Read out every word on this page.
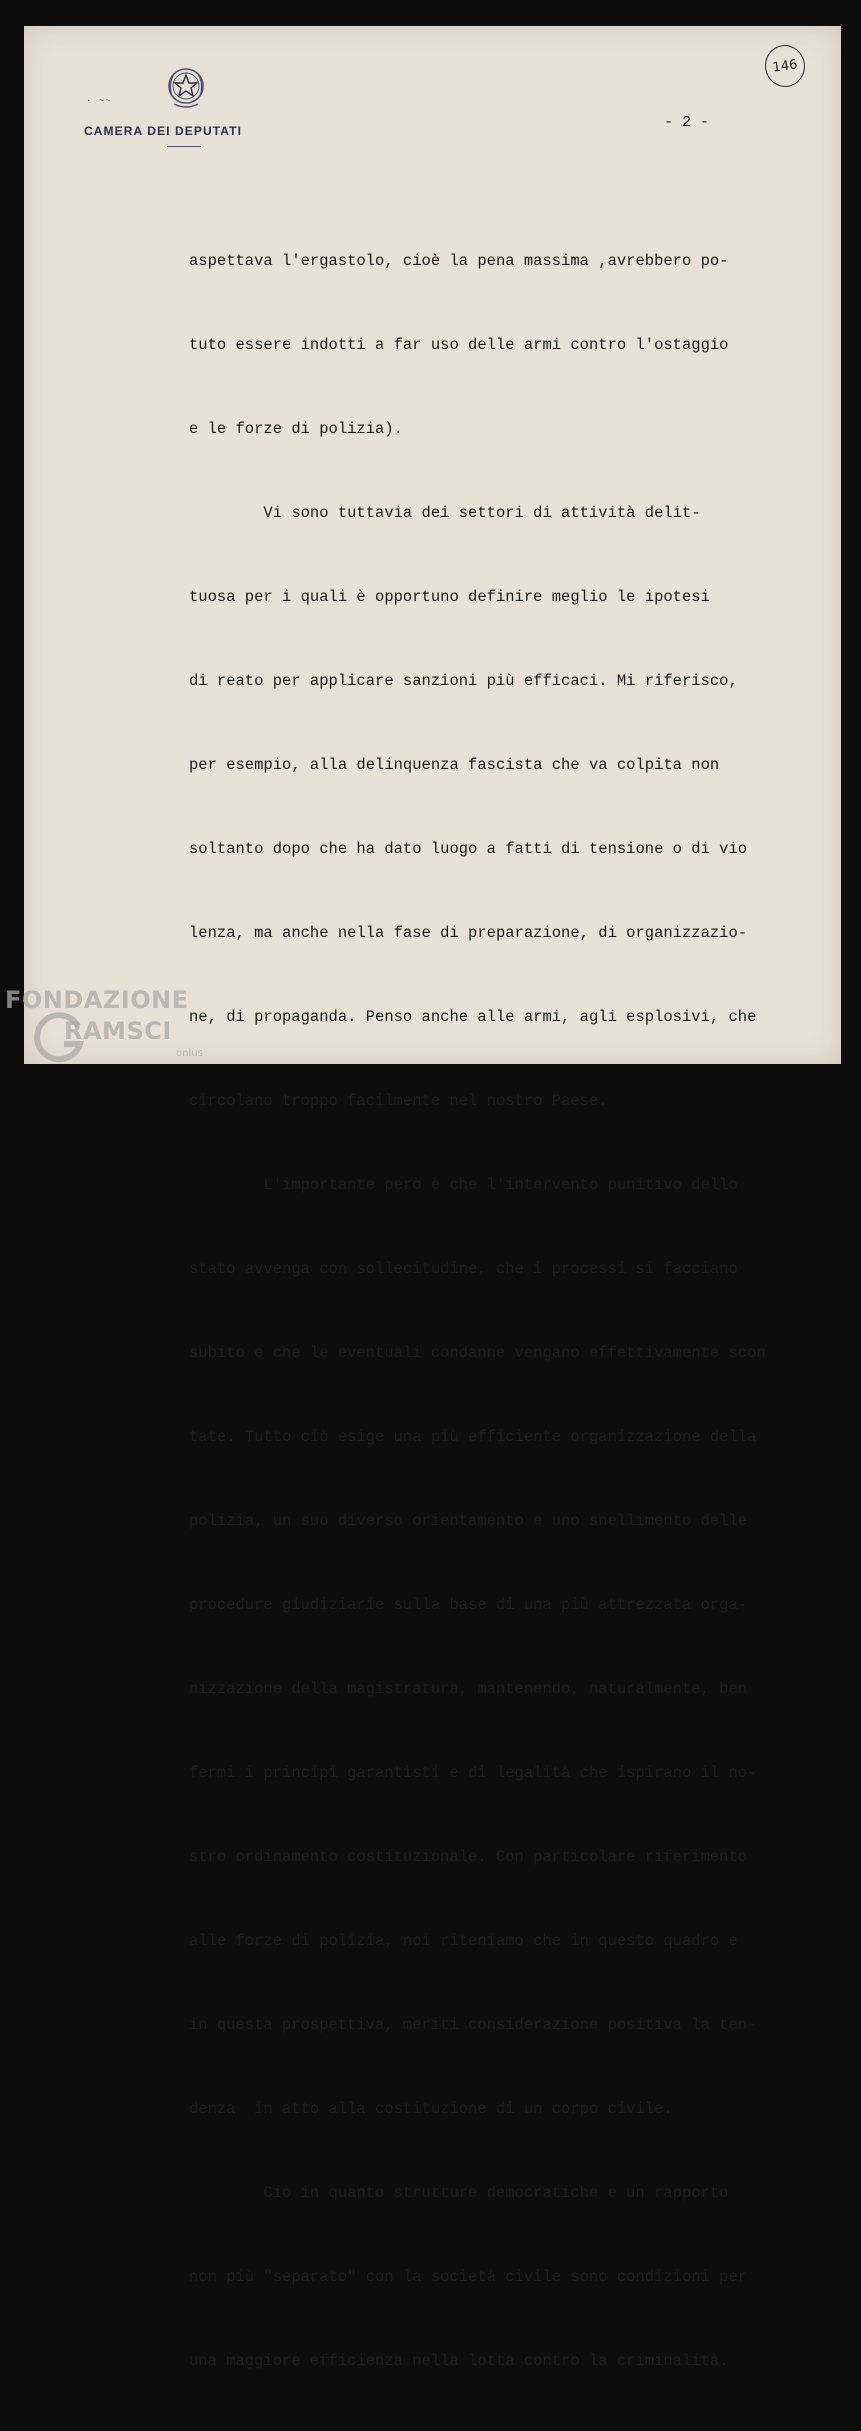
· ~~
CAMERA DEI DEPUTATI	- 2 -
146

aspettava l'ergastolo, cioè la pena massima ,avrebbero po-

tuto essere indotti a far uso delle armi contro l'ostaggio

e le forze di polizia).

Vi sono tuttavia dei settori di attività delit-

tuosa per i quali è opportuno definire meglio le ipotesi

di reato per applicare sanzioni più efficaci. Mi riferisco,

per esempio, alla delinquenza fascista che va colpita non

soltanto dopo che ha dato luogo a fatti di tensione o di vio

lenza, ma anche nella fase di preparazione, di organizzazio-

ne, di propaganda. Penso anche alle armi, agli esplosivi, che

circolano troppo facilmente nel nostro Paese.

L'importante però è che l'intervento punitivo dello

stato avvenga con sollecitudine, che i processi si facciano

subito e che le eventuali condanne vengano effettivamente scon

tate. Tutto ciò esige una più efficiente organizzazione della

polizia, un suo diverso orientamento e uno snellimento delle

procedure giudiziarie sulla base di una più attrezzata orga-

nizzazione della magistratura, mantenendo, naturalmente, ben

fermi i principi garantisti e di legalità che ispirano il no-

stro ordinamento costituzionale. Con particolare riferimento

alle forze di polizia, noi riteniamo che in questo quadro e

in questa prospettiva, meriti considerazione positiva la ten-

denza  in atto alla costituzione di un corpo civile.

Ciò in quanto strutture democratiche e un rapporto

non più "separato" con la società civile sono condizioni per

una maggiore efficienza nella lotta contro la criminalità.

FONDAZIONE
RAMSCI
onlus
